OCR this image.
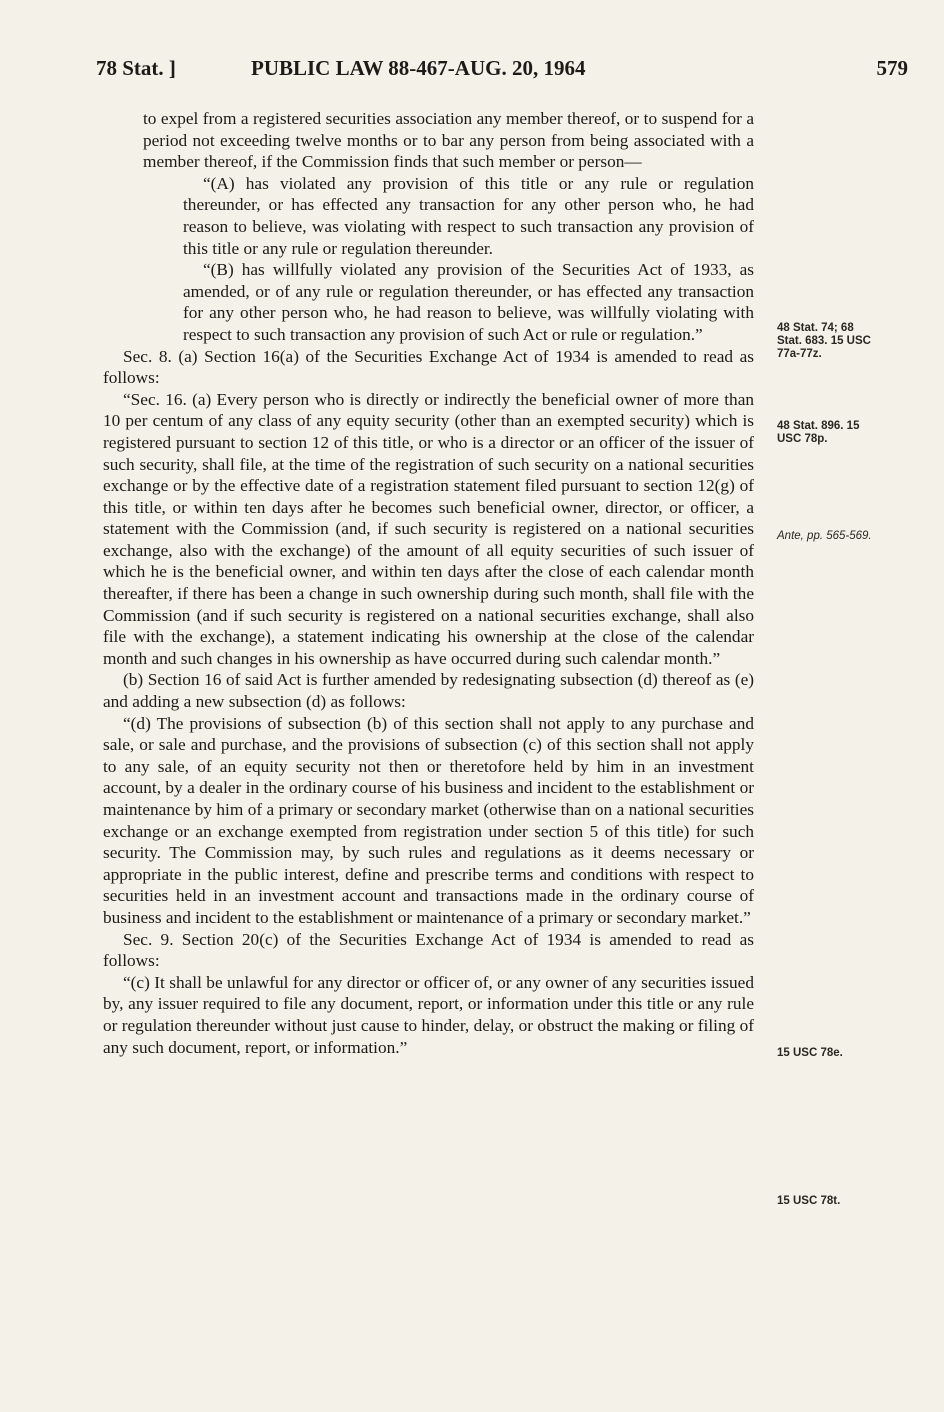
78 Stat. ]	PUBLIC LAW 88-467-AUG. 20, 1964	579

to expel from a registered securities association any member thereof, or to suspend for a period not exceeding twelve months or to bar any person from being associated with a member thereof, if the Commission finds that such member or person—

“(A) has violated any provision of this title or any rule or regulation thereunder, or has effected any transaction for any other person who, he had reason to believe, was violating with respect to such transaction any provision of this title or any rule or regulation thereunder.

“(B) has willfully violated any provision of the Securities Act of 1933, as amended, or of any rule or regulation thereunder, or has effected any transaction for any other person who, he had reason to believe, was willfully violating with respect to such transaction any provision of such Act or rule or regulation.”

Sec. 8. (a) Section 16(a) of the Securities Exchange Act of 1934 is amended to read as follows:

“Sec. 16. (a) Every person who is directly or indirectly the beneficial owner of more than 10 per centum of any class of any equity security (other than an exempted security) which is registered pursuant to section 12 of this title, or who is a director or an officer of the issuer of such security, shall file, at the time of the registration of such security on a national securities exchange or by the effective date of a registration statement filed pursuant to section 12(g) of this title, or within ten days after he becomes such beneficial owner, director, or officer, a statement with the Commission (and, if such security is registered on a national securities exchange, also with the exchange) of the amount of all equity securities of such issuer of which he is the beneficial owner, and within ten days after the close of each calendar month thereafter, if there has been a change in such ownership during such month, shall file with the Commission (and if such security is registered on a national securities exchange, shall also file with the exchange), a statement indicating his ownership at the close of the calendar month and such changes in his ownership as have occurred during such calendar month.”

(b) Section 16 of said Act is further amended by redesignating subsection (d) thereof as (e) and adding a new subsection (d) as follows:

“(d) The provisions of subsection (b) of this section shall not apply to any purchase and sale, or sale and purchase, and the provisions of subsection (c) of this section shall not apply to any sale, of an equity security not then or theretofore held by him in an investment account, by a dealer in the ordinary course of his business and incident to the establishment or maintenance by him of a primary or secondary market (otherwise than on a national securities exchange or an exchange exempted from registration under section 5 of this title) for such security. The Commission may, by such rules and regulations as it deems necessary or appropriate in the public interest, define and prescribe terms and conditions with respect to securities held in an investment account and transactions made in the ordinary course of business and incident to the establishment or maintenance of a primary or secondary market.”

Sec. 9. Section 20(c) of the Securities Exchange Act of 1934 is amended to read as follows:

“(c) It shall be unlawful for any director or officer of, or any owner of any securities issued by, any issuer required to file any document, report, or information under this title or any rule or regulation thereunder without just cause to hinder, delay, or obstruct the making or filing of any such document, report, or information.”

48 Stat. 74; 68 Stat. 683. 15 USC 77a-77z.
48 Stat. 896. 15 USC 78p.
Ante, pp. 565-569.
15 USC 78e.
15 USC 78t.
